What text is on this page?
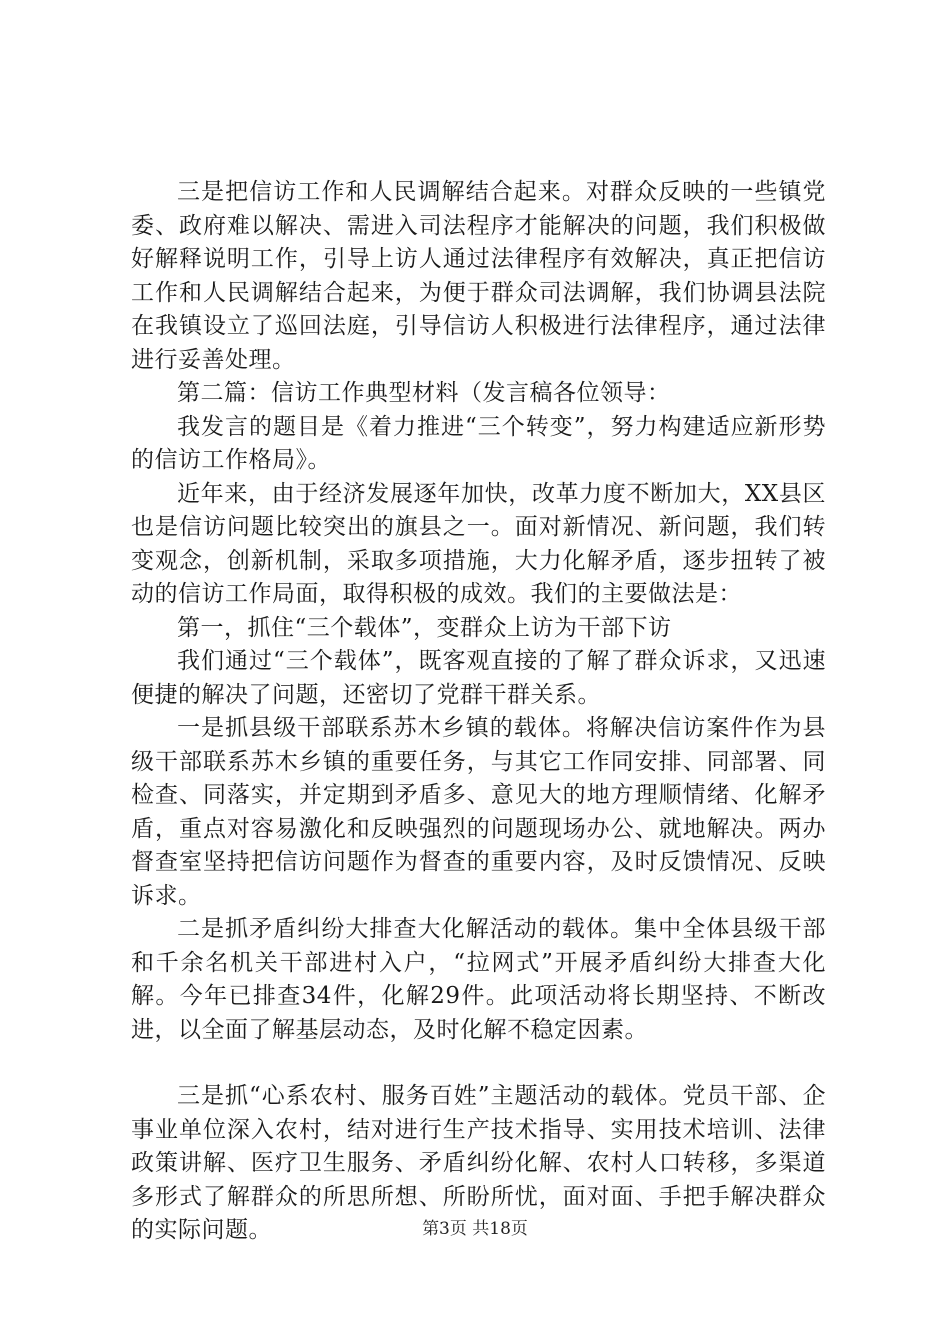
三是把信访工作和人民调解结合起来。对群众反映的一些镇党委、政府难以解决、需进入司法程序才能解决的问题，我们积极做好解释说明工作，引导上访人通过法律程序有效解决，真正把信访工作和人民调解结合起来，为便于群众司法调解，我们协调县法院在我镇设立了巡回法庭，引导信访人积极进行法律程序，通过法律进行妥善处理。

第二篇：信访工作典型材料（发言稿各位领导：

我发言的题目是《着力推进“三个转变”，努力构建适应新形势的信访工作格局》。

近年来，由于经济发展逐年加快，改革力度不断加大，XX县区也是信访问题比较突出的旗县之一。面对新情况、新问题，我们转变观念，创新机制，采取多项措施，大力化解矛盾，逐步扭转了被动的信访工作局面，取得积极的成效。我们的主要做法是：

第一，抓住“三个载体”，变群众上访为干部下访

我们通过“三个载体”，既客观直接的了解了群众诉求，又迅速便捷的解决了问题，还密切了党群干群关系。

一是抓县级干部联系苏木乡镇的载体。将解决信访案件作为县级干部联系苏木乡镇的重要任务，与其它工作同安排、同部署、同检查、同落实，并定期到矛盾多、意见大的地方理顺情绪、化解矛盾，重点对容易激化和反映强烈的问题现场办公、就地解决。两办督查室坚持把信访问题作为督查的重要内容，及时反馈情况、反映诉求。

二是抓矛盾纠纷大排查大化解活动的载体。集中全体县级干部和千余名机关干部进村入户，“拉网式”开展矛盾纠纷大排查大化解。今年已排查34件，化解29件。此项活动将长期坚持、不断改进，以全面了解基层动态，及时化解不稳定因素。

三是抓“心系农村、服务百姓”主题活动的载体。党员干部、企事业单位深入农村，结对进行生产技术指导、实用技术培训、法律政策讲解、医疗卫生服务、矛盾纠纷化解、农村人口转移，多渠道多形式了解群众的所思所想、所盼所忧，面对面、手把手解决群众的实际问题。	第3页 共18页
